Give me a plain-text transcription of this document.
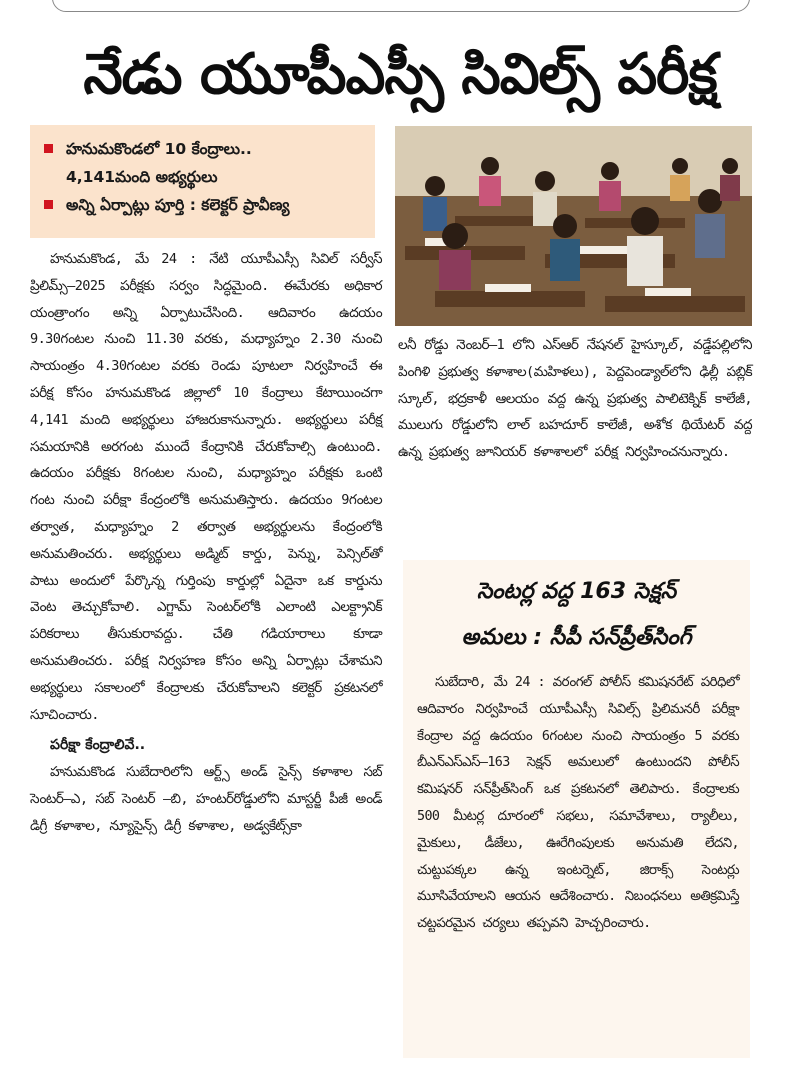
నేడు యూపీఎస్సీ సివిల్స్‌ పరీక్ష
హనుమకొండలో 10 కేంద్రాలు..
4,141మంది అభ్యర్థులు
అన్ని ఏర్పాట్లు పూర్తి : కలెక్టర్‌ ప్రావీణ్య

హనుమకొండ, మే 24 : నేటి యూపీఎస్సీ సివిల్‌ సర్వీస్‌ ప్రిలిమ్స్‌–2025 పరీక్షకు సర్వం సిద్ధమైంది. ఈమేరకు అధికార యంత్రాంగం అన్ని ఏర్పాటుచేసింది. ఆదివారం ఉదయం 9.30గంటల నుంచి 11.30 వరకు, మధ్యాహ్నం 2.30 నుంచి సాయంత్రం 4.30గంటల వరకు రెండు పూటలా నిర్వహించే ఈ పరీక్ష కోసం హనుమకొండ జిల్లాలో 10 కేంద్రాలు కేటాయించగా 4,141 మంది అభ్యర్థులు హాజరుకానున్నారు. అభ్యర్థులు పరీక్ష సమయానికి అరగంట ముందే కేంద్రానికి చేరుకోవాల్సి ఉంటుంది. ఉదయం పరీక్షకు 8గంటల నుంచి, మధ్యాహ్నం పరీక్షకు ఒంటి గంట నుంచి పరీక్షా కేంద్రంలోకి అనుమతిస్తారు. ఉదయం 9గంటల తర్వాత, మధ్యాహ్నం 2 తర్వాత అభ్యర్థులను కేంద్రంలోకి అనుమతించరు. అభ్యర్థులు అడ్మిట్‌ కార్డు, పెన్ను, పెన్సిల్‌తో పాటు అందులో పేర్కొన్న గుర్తింపు కార్డుల్లో ఏదైనా ఒక కార్డును వెంట తెచ్చుకోవాలి. ఎగ్జామ్‌ సెంటర్‌లోకి ఎలాంటి ఎలక్ట్రానిక్‌ పరికరాలు తీసుకురావద్దు. చేతి గడియారాలు కూడా అనుమతించరు. పరీక్ష నిర్వహణ కోసం అన్ని ఏర్పాట్లు చేశామని అభ్యర్థులు సకాలంలో కేంద్రాలకు చేరుకోవాలని కలెక్టర్‌ ప్రకటనలో సూచించారు.

పరీక్షా కేంద్రాలివే..

హనుమకొండ సుబేదారిలోని ఆర్ట్స్‌ అండ్‌ సైన్స్‌ కళాశాల సబ్‌ సెంటర్‌–ఎ, సబ్‌ సెంటర్‌ –బి, హంటర్‌రోడ్డులోని మాస్టర్జీ పీజీ అండ్‌ డిగ్రీ కళాశాల, న్యూసైన్స్‌ డిగ్రీ కళాశాల, అడ్వకేట్స్‌కా

లనీ రోడ్డు నెంబర్‌–1 లోని ఎస్‌ఆర్‌ నేషనల్‌ హైస్కూల్‌, వడ్డేపల్లిలోని పింగిళి ప్రభుత్వ కళాశాల(మహిళలు), పెద్దపెండ్యాల్‌లోని ఢిల్లీ పబ్లిక్‌ స్కూల్‌, భద్రకాళీ ఆలయం వద్ద ఉన్న ప్రభుత్వ పాలిటెక్నిక్‌ కాలేజీ, ములుగు రోడ్డులోని లాల్‌ బహదూర్‌ కాలేజీ, అశోక థియేటర్‌ వద్ద ఉన్న ప్రభుత్వ జూనియర్‌ కళాశాలలో పరీక్ష నిర్వహించనున్నారు.

సెంటర్ల వద్ద 163 సెక్షన్‌
అమలు : సీపీ సన్‌ప్రీత్‌సింగ్‌
సుబేదారి, మే 24 : వరంగల్‌ పోలీస్‌ కమిషనరేట్‌ పరిధిలో ఆదివారం నిర్వహించే యూపీఎస్సీ సివిల్స్‌ ప్రిలిమనరీ పరీక్షా కేంద్రాల వద్ద ఉదయం 6గంటల నుంచి సాయంత్రం 5 వరకు బీఎన్‌ఎస్‌ఎస్‌–163 సెక్షన్‌ అమలులో ఉంటుందని పోలీస్‌ కమిషనర్‌ సన్‌ప్రీత్‌సింగ్‌ ఒక ప్రకటనలో తెలిపారు. కేంద్రాలకు 500 మీటర్ల దూరంలో సభలు, సమావేశాలు, ర్యాలీలు, మైకులు, డీజేలు, ఊరేగింపులకు అనుమతి లేదని, చుట్టుపక్కల ఉన్న ఇంటర్నెట్‌, జిరాక్స్‌ సెంటర్లు మూసివేయాలని ఆయన ఆదేశించారు. నిబంధనలు అతిక్రమిస్తే చట్టపరమైన చర్యలు తప్పవని హెచ్చరించారు.
